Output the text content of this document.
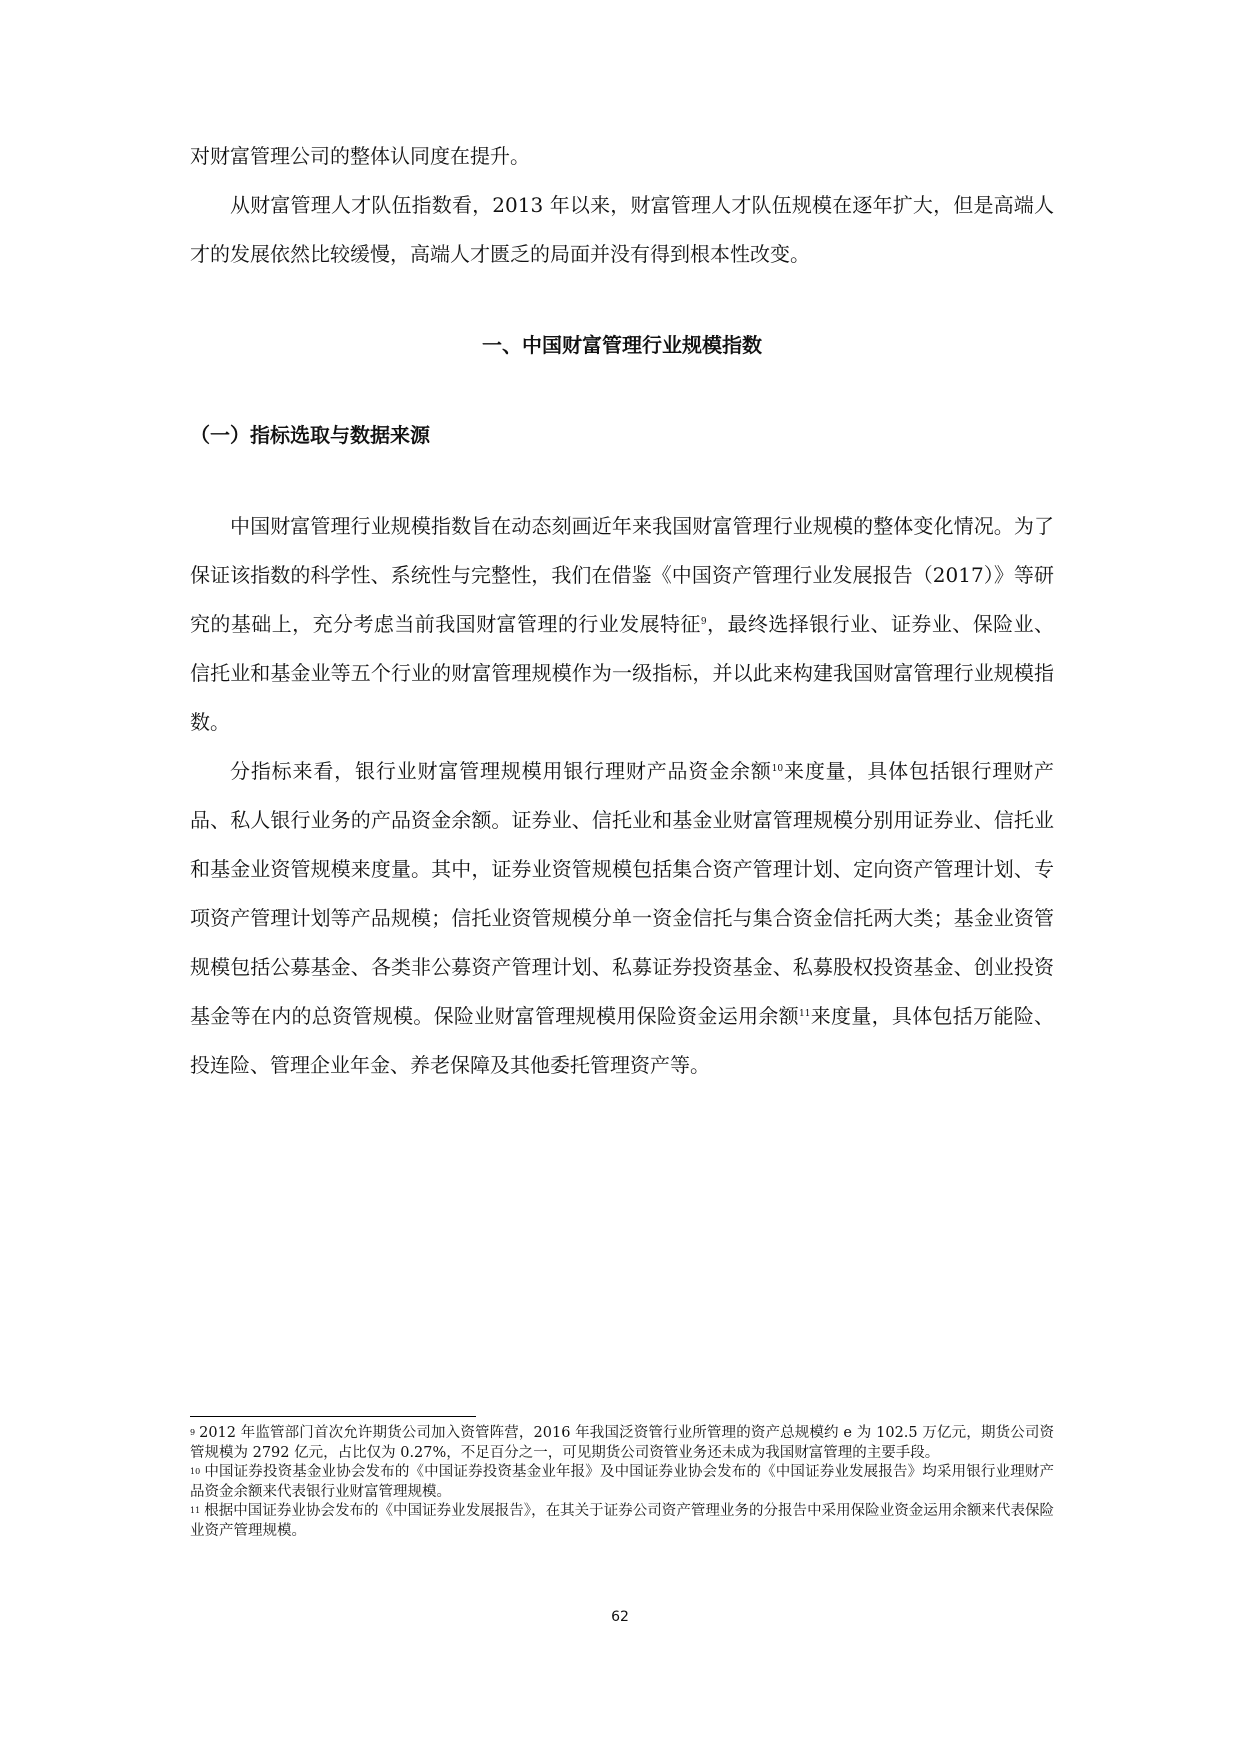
对财富管理公司的整体认同度在提升。

从财富管理人才队伍指数看，2013 年以来，财富管理人才队伍规模在逐年扩大，但是高端人才的发展依然比较缓慢，高端人才匮乏的局面并没有得到根本性改变。

一、中国财富管理行业规模指数
（一）指标选取与数据来源

中国财富管理行业规模指数旨在动态刻画近年来我国财富管理行业规模的整体变化情况。为了保证该指数的科学性、系统性与完整性，我们在借鉴《中国资产管理行业发展报告（2017）》等研究的基础上，充分考虑当前我国财富管理的行业发展特征$^9$，最终选择银行业、证券业、保险业、信托业和基金业等五个行业的财富管理规模作为一级指标，并以此来构建我国财富管理行业规模指数。

分指标来看，银行业财富管理规模用银行理财产品资金余额$^{10}$来度量，具体包括银行理财产品、私人银行业务的产品资金余额。证券业、信托业和基金业财富管理规模分别用证券业、信托业和基金业资管规模来度量。其中，证券业资管规模包括集合资产管理计划、定向资产管理计划、专项资产管理计划等产品规模；信托业资管规模分单一资金信托与集合资金信托两大类；基金业资管规模包括公募基金、各类非公募资产管理计划、私募证券投资基金、私募股权投资基金、创业投资基金等在内的总资管规模。保险业财富管理规模用保险资金运用余额$^{11}$来度量，具体包括万能险、投连险、管理企业年金、养老保障及其他委托管理资产等。

$^9$ 2012 年监管部门首次允许期货公司加入资管阵营，2016 年我国泛资管行业所管理的资产总规模约 e 为 102.5 万亿元，期货公司资管规模为 2792 亿元，占比仅为 0.27%，不足百分之一，可见期货公司资管业务还未成为我国财富管理的主要手段。

$^{10}$ 中国证券投资基金业协会发布的《中国证券投资基金业年报》及中国证券业协会发布的《中国证券业发展报告》均采用银行业理财产品资金余额来代表银行业财富管理规模。

$^{11}$ 根据中国证券业协会发布的《中国证券业发展报告》，在其关于证券公司资产管理业务的分报告中采用保险业资金运用余额来代表保险业资产管理规模。

62
